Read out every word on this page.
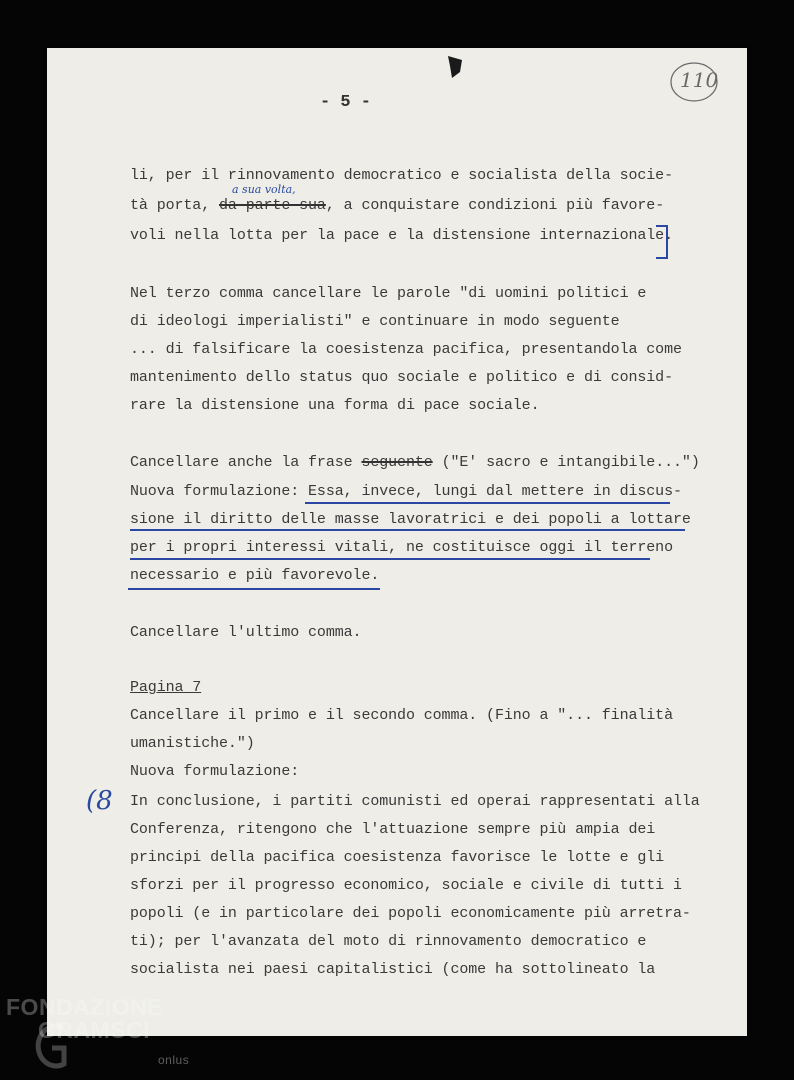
110
- 5 -
li, per il rinnovamento democratico e socialista della socie-
a sua volta,
tà porta, da parte sua, a conquistare condizioni più favore-
voli nella lotta per la pace e la distensione internazionale.
Nel terzo comma cancellare le parole "di uomini politici e
di ideologi imperialisti" e continuare in modo seguente
... di falsificare la coesistenza pacifica, presentandola come
mantenimento dello status quo sociale e politico e di consid-
rare la distensione una forma di pace sociale.
Cancellare anche la frase seguente ("E' sacro e intangibile...")
Nuova formulazione: Essa, invece, lungi dal mettere in discus-
sione il diritto delle masse lavoratrici e dei popoli a lottare
per i propri interessi vitali, ne costituisce oggi il terreno
necessario e più favorevole.
Cancellare l'ultimo comma.
Pagina 7
Cancellare il primo e il secondo comma. (Fino a "... finalità
umanistiche.")
Nuova formulazione:
(8 In conclusione, i partiti comunisti ed operai rappresentati alla
Conferenza, ritengono che l'attuazione sempre più ampia dei
principi della pacifica coesistenza favorisce le lotte e gli
sforzi per il progresso economico, sociale e civile di tutti i
popoli (e in particolare dei popoli economicamente più arretra-
ti); per l'avanzata del moto di rinnovamento democratico e
socialista nei paesi capitalistici (come ha sottolineato la
FONDAZIONE
GRAMSCI
onlus
